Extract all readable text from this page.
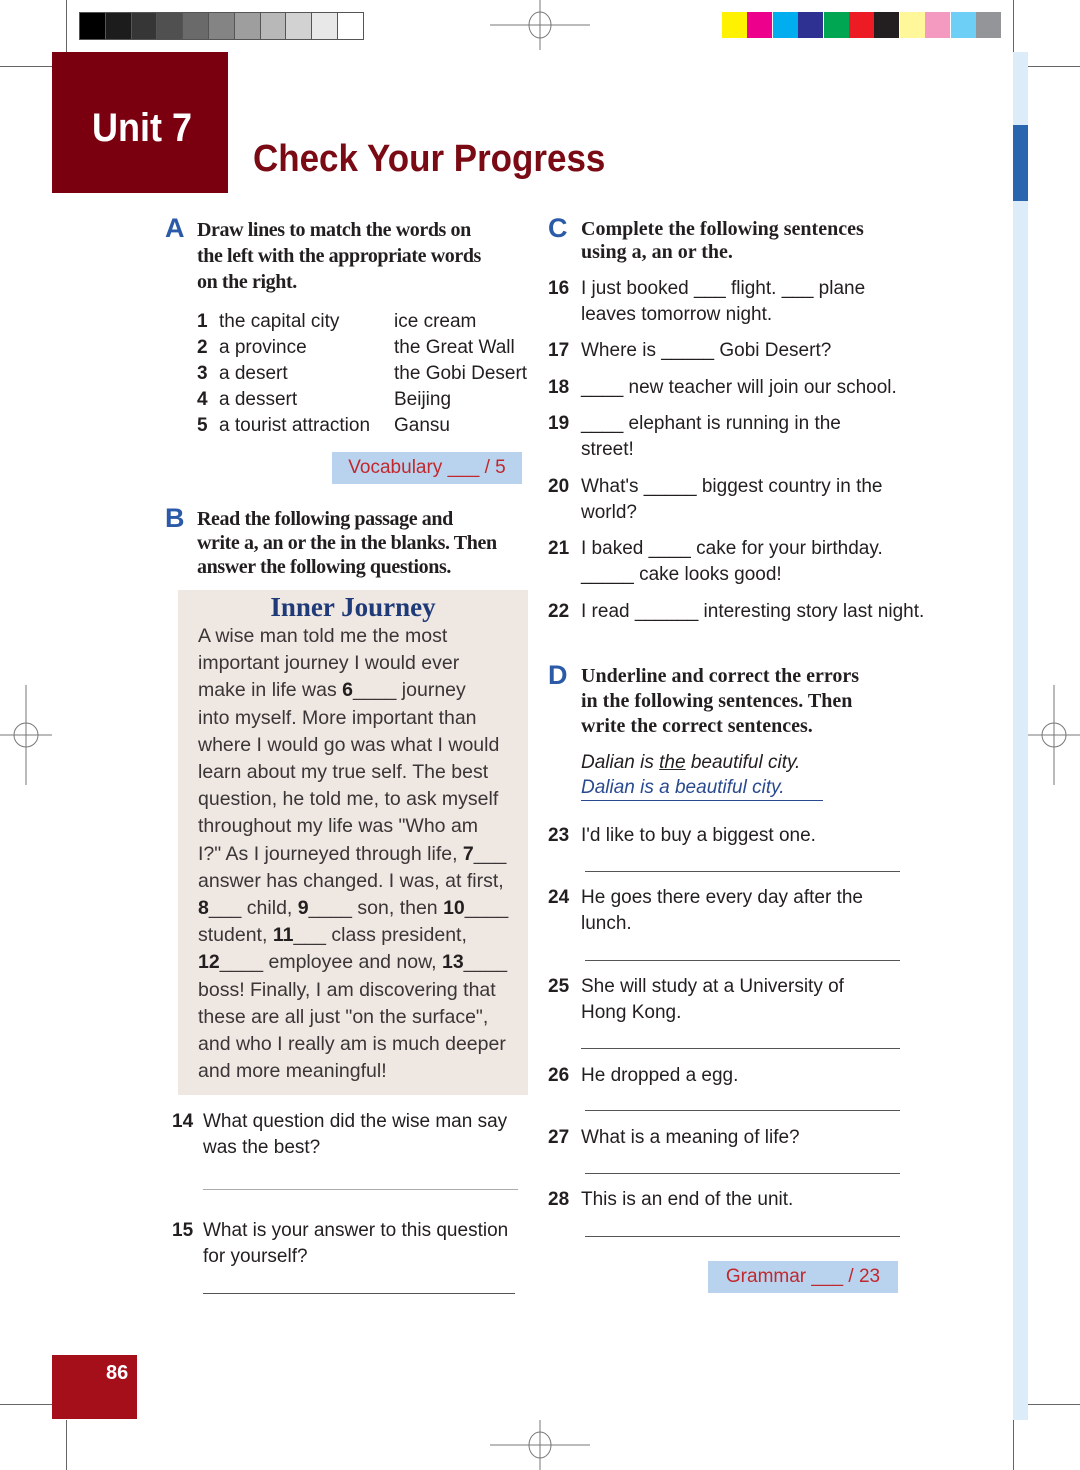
Unit 7
Check Your Progress
A Draw lines to match the words on
the left with the appropriate words
on the right.
1 the capital city
2 a province
3 a desert
4 a dessert
5 a tourist attraction
ice cream
the Great Wall
the Gobi Desert
Beijing
Gansu
Vocabulary ___ / 5
B Read the following passage and
write a, an or the in the blanks. Then
answer the following questions.
Inner Journey
A wise man told me the most
important journey I would ever
make in life was 6____ journey
into myself. More important than
where I would go was what I would
learn about my true self. The best
question, he told me, to ask myself
throughout my life was "Who am
I?" As I journeyed through life, 7___
answer has changed. I was, at first,
8___ child, 9____ son, then 10____
student, 11___ class president,
12____ employee and now, 13____
boss! Finally, I am discovering that
these are all just "on the surface",
and who I really am is much deeper
and more meaningful!
C Complete the following sentences
using a, an or the.
D Underline and correct the errors
in the following sentences. Then
write the correct sentences.
Dalian is the beautiful city.
Dalian is a beautiful city.
Grammar ___ / 23
86
14 What question did the wise man say
was the best?
15 What is your answer to this question
for yourself?
16 I just booked ___ flight. ___ plane
leaves tomorrow night.
17 Where is _____ Gobi Desert?
18 ____ new teacher will join our school.
19 ____ elephant is running in the
street!
20 What's _____ biggest country in the
world?
21 I baked ____ cake for your birthday.
_____ cake looks good!
22 I read ______ interesting story last night.
23 I'd like to buy a biggest one.
24 He goes there every day after the
lunch.
25 She will study at a University of
Hong Kong.
26 He dropped a egg.
27 What is a meaning of life?
28 This is an end of the unit.
